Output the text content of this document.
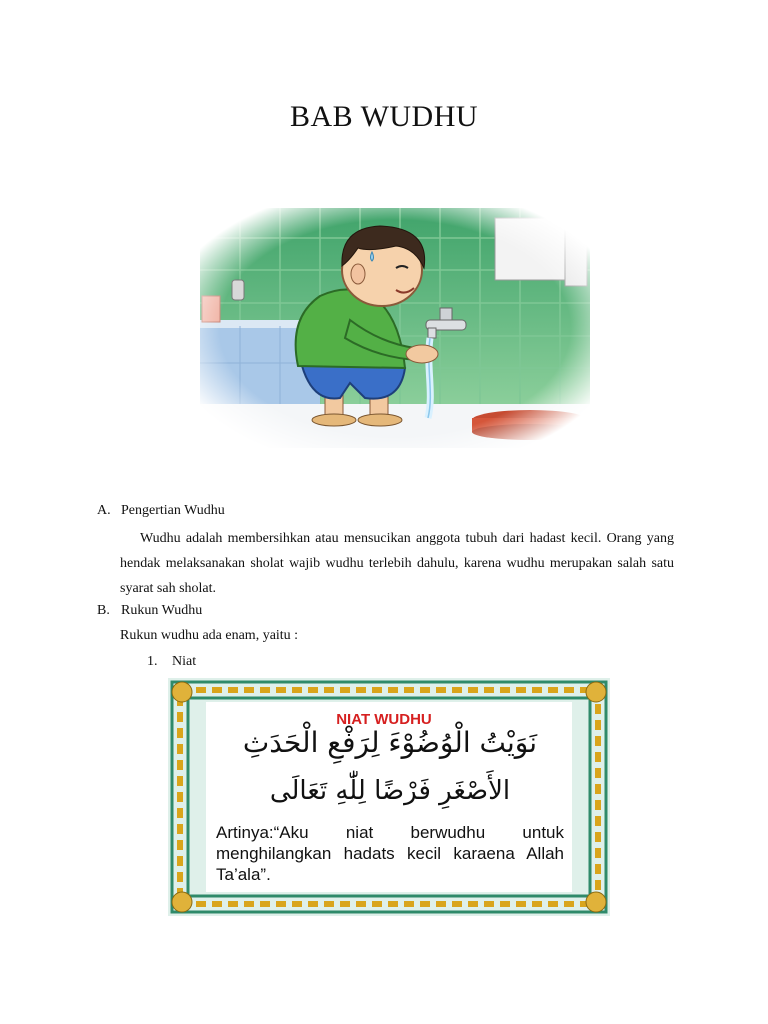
BAB WUDHU
A. Pengertian Wudhu
Wudhu adalah membersihkan atau mensucikan anggota tubuh dari hadast kecil. Orang yang hendak melaksanakan sholat wajib wudhu terlebih dahulu, karena wudhu merupakan salah satu syarat sah sholat.
B. Rukun Wudhu
Rukun wudhu ada enam, yaitu :
1. Niat
NIAT WUDHU
نَوَيْتُ الْوُضُوْءَ لِرَفْعِ الْحَدَثِ
الأَصْغَرِ فَرْضًا لِلّٰهِ تَعَالَى
Artinya:“Aku niat berwudhu untuk
menghilangkan hadats kecil karaena Allah Ta’ala”.
